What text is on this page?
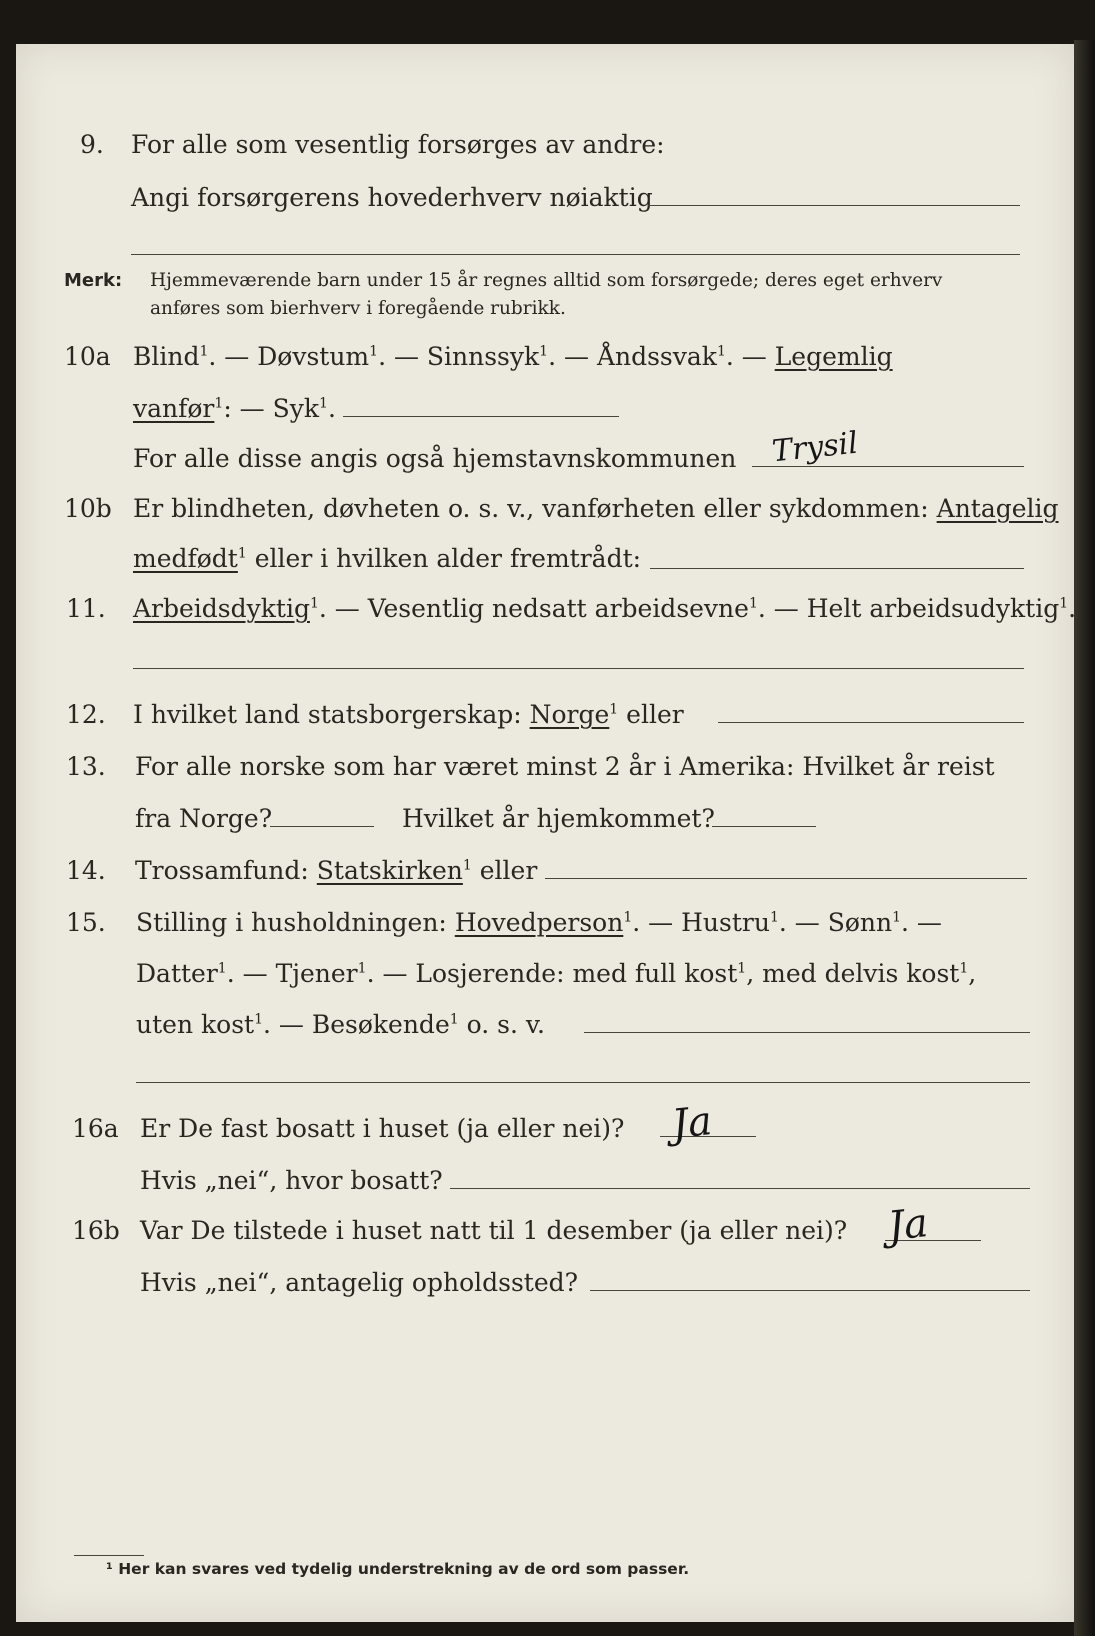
9. For alle som vesentlig forsørges av andre:
Angi forsørgerens hovederhverv nøiaktig
Merk: Hjemmeværende barn under 15 år regnes alltid som forsørgede; deres eget erhverv
anføres som bierhverv i foregående rubrikk.
10a Blind$^1$. — Døvstum$^1$. — Sinnssyk$^1$. — Åndssvak$^1$. — Legemlig
vanfør$^1$: — Syk$^1$.
For alle disse angis også hjemstavnskommunen Trysil
10b Er blindheten, døvheten o. s. v., vanførheten eller sykdommen: Antagelig
medfødt$^1$ eller i hvilken alder fremtrådt:
11. Arbeidsdyktig$^1$. — Vesentlig nedsatt arbeidsevne$^1$. — Helt arbeidsudyktig$^1$.
12. I hvilket land statsborgerskap: Norge$^1$ eller
13. For alle norske som har været minst 2 år i Amerika: Hvilket år reist
fra Norge?	Hvilket år hjemkommet?
14. Trossamfund: Statskirken$^1$ eller
15. Stilling i husholdningen: Hovedperson$^1$. — Hustru$^1$. — Sønn$^1$. —
Datter$^1$. — Tjener$^1$. — Losjerende: med full kost$^1$, med delvis kost$^1$,
uten kost$^1$. — Besøkende$^1$ o. s. v.
16a Er De fast bosatt i huset (ja eller nei)? Ja
Hvis „nei“, hvor bosatt?
16b Var De tilstede i huset natt til 1 desember (ja eller nei)? Ja
Hvis „nei“, antagelig opholdssted?
¹ Her kan svares ved tydelig understrekning av de ord som passer.
